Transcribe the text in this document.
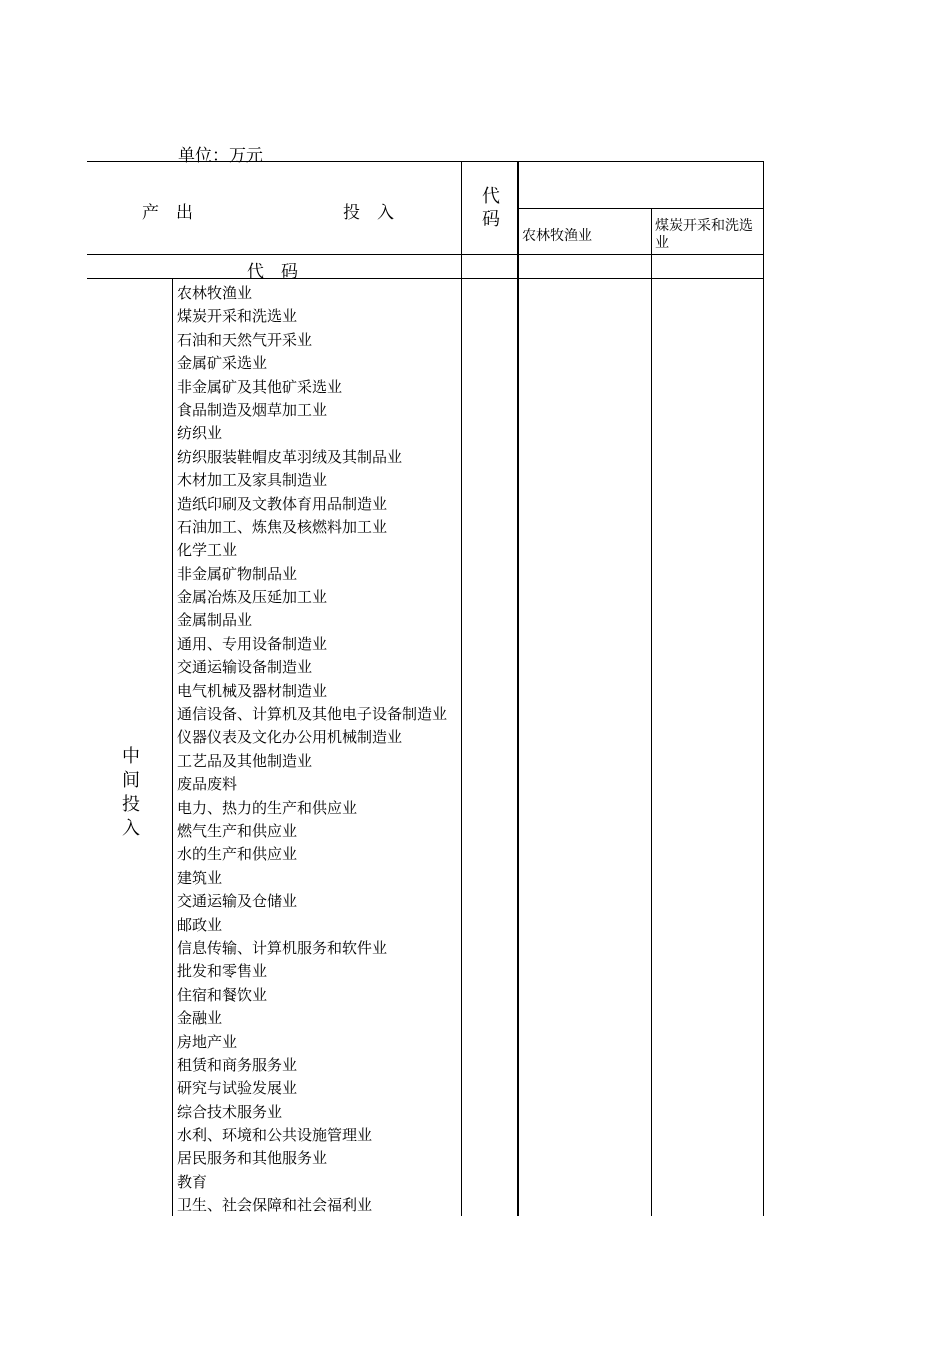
单位：万元
产　出	投　入
代码
农林牧渔业
煤炭开采和洗选业
代　码
中间投入
农林牧渔业
煤炭开采和洗选业
石油和天然气开采业
金属矿采选业
非金属矿及其他矿采选业
食品制造及烟草加工业
纺织业
纺织服装鞋帽皮革羽绒及其制品业
木材加工及家具制造业
造纸印刷及文教体育用品制造业
石油加工、炼焦及核燃料加工业
化学工业
非金属矿物制品业
金属冶炼及压延加工业
金属制品业
通用、专用设备制造业
交通运输设备制造业
电气机械及器材制造业
通信设备、计算机及其他电子设备制造业
仪器仪表及文化办公用机械制造业
工艺品及其他制造业
废品废料
电力、热力的生产和供应业
燃气生产和供应业
水的生产和供应业
建筑业
交通运输及仓储业
邮政业
信息传输、计算机服务和软件业
批发和零售业
住宿和餐饮业
金融业
房地产业
租赁和商务服务业
研究与试验发展业
综合技术服务业
水利、环境和公共设施管理业
居民服务和其他服务业
教育
卫生、社会保障和社会福利业
